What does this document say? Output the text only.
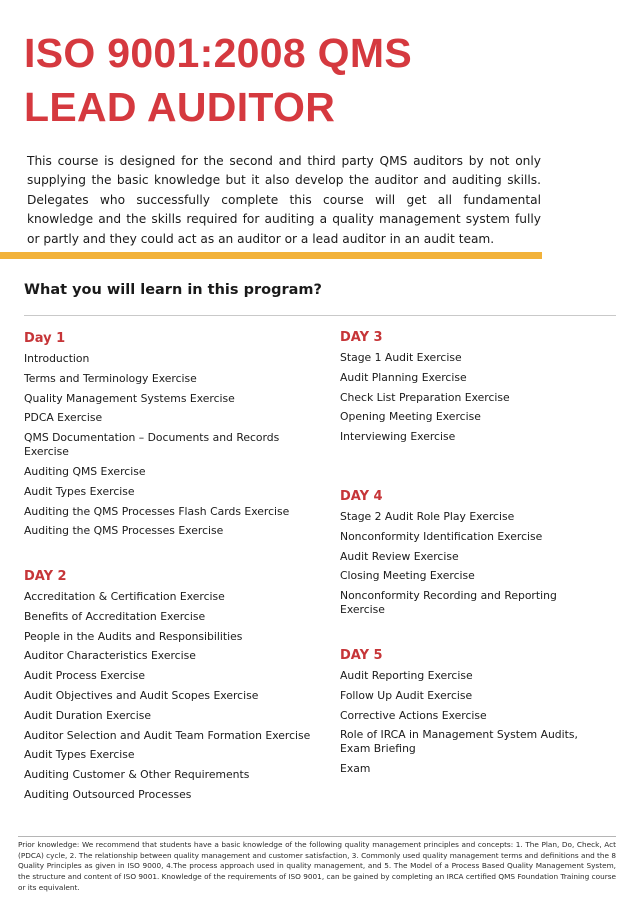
ISO 9001:2008 QMS
LEAD AUDITOR

This course is designed for the second and third party QMS auditors by not only supplying the basic knowledge but it also develop the auditor and auditing skills. Delegates who successfully complete this course will get all fundamental knowledge and the skills required for auditing a quality management system fully or partly and they could act as an auditor or a lead auditor in an audit team.

What you will learn in this program?
Day 1
Introduction
Terms and Terminology Exercise
Quality Management Systems Exercise
PDCA Exercise
QMS Documentation – Documents and Records Exercise
Auditing QMS Exercise
Audit Types Exercise
Auditing the QMS Processes Flash Cards Exercise
Auditing the QMS Processes Exercise
DAY 2
Accreditation & Certification Exercise
Benefits of Accreditation Exercise
People in the Audits and Responsibilities
Auditor Characteristics Exercise
Audit Process Exercise
Audit Objectives and Audit Scopes Exercise
Audit Duration Exercise
Auditor Selection and Audit Team Formation Exercise
Audit Types Exercise
Auditing Customer & Other Requirements
Auditing Outsourced Processes
DAY 3
Stage 1 Audit Exercise
Audit Planning Exercise
Check List Preparation Exercise
Opening Meeting Exercise
Interviewing Exercise
DAY 4
Stage 2 Audit Role Play Exercise
Nonconformity Identification Exercise
Audit Review Exercise
Closing Meeting Exercise
Nonconformity Recording and Reporting Exercise
DAY 5
Audit Reporting Exercise
Follow Up Audit Exercise
Corrective Actions Exercise
Role of IRCA in Management System Audits, Exam Briefing
Exam

Prior knowledge: We recommend that students have a basic knowledge of the following quality management principles and concepts: 1. The Plan, Do, Check, Act (PDCA) cycle, 2. The relationship between quality management and customer satisfaction, 3. Commonly used quality management terms and definitions and the 8 Quality Principles as given in ISO 9000, 4.The process approach used in quality management, and 5. The Model of a Process Based Quality Management System, the structure and content of ISO 9001. Knowledge of the requirements of ISO 9001, can be gained by completing an IRCA certified QMS Foundation Training course or its equivalent.
